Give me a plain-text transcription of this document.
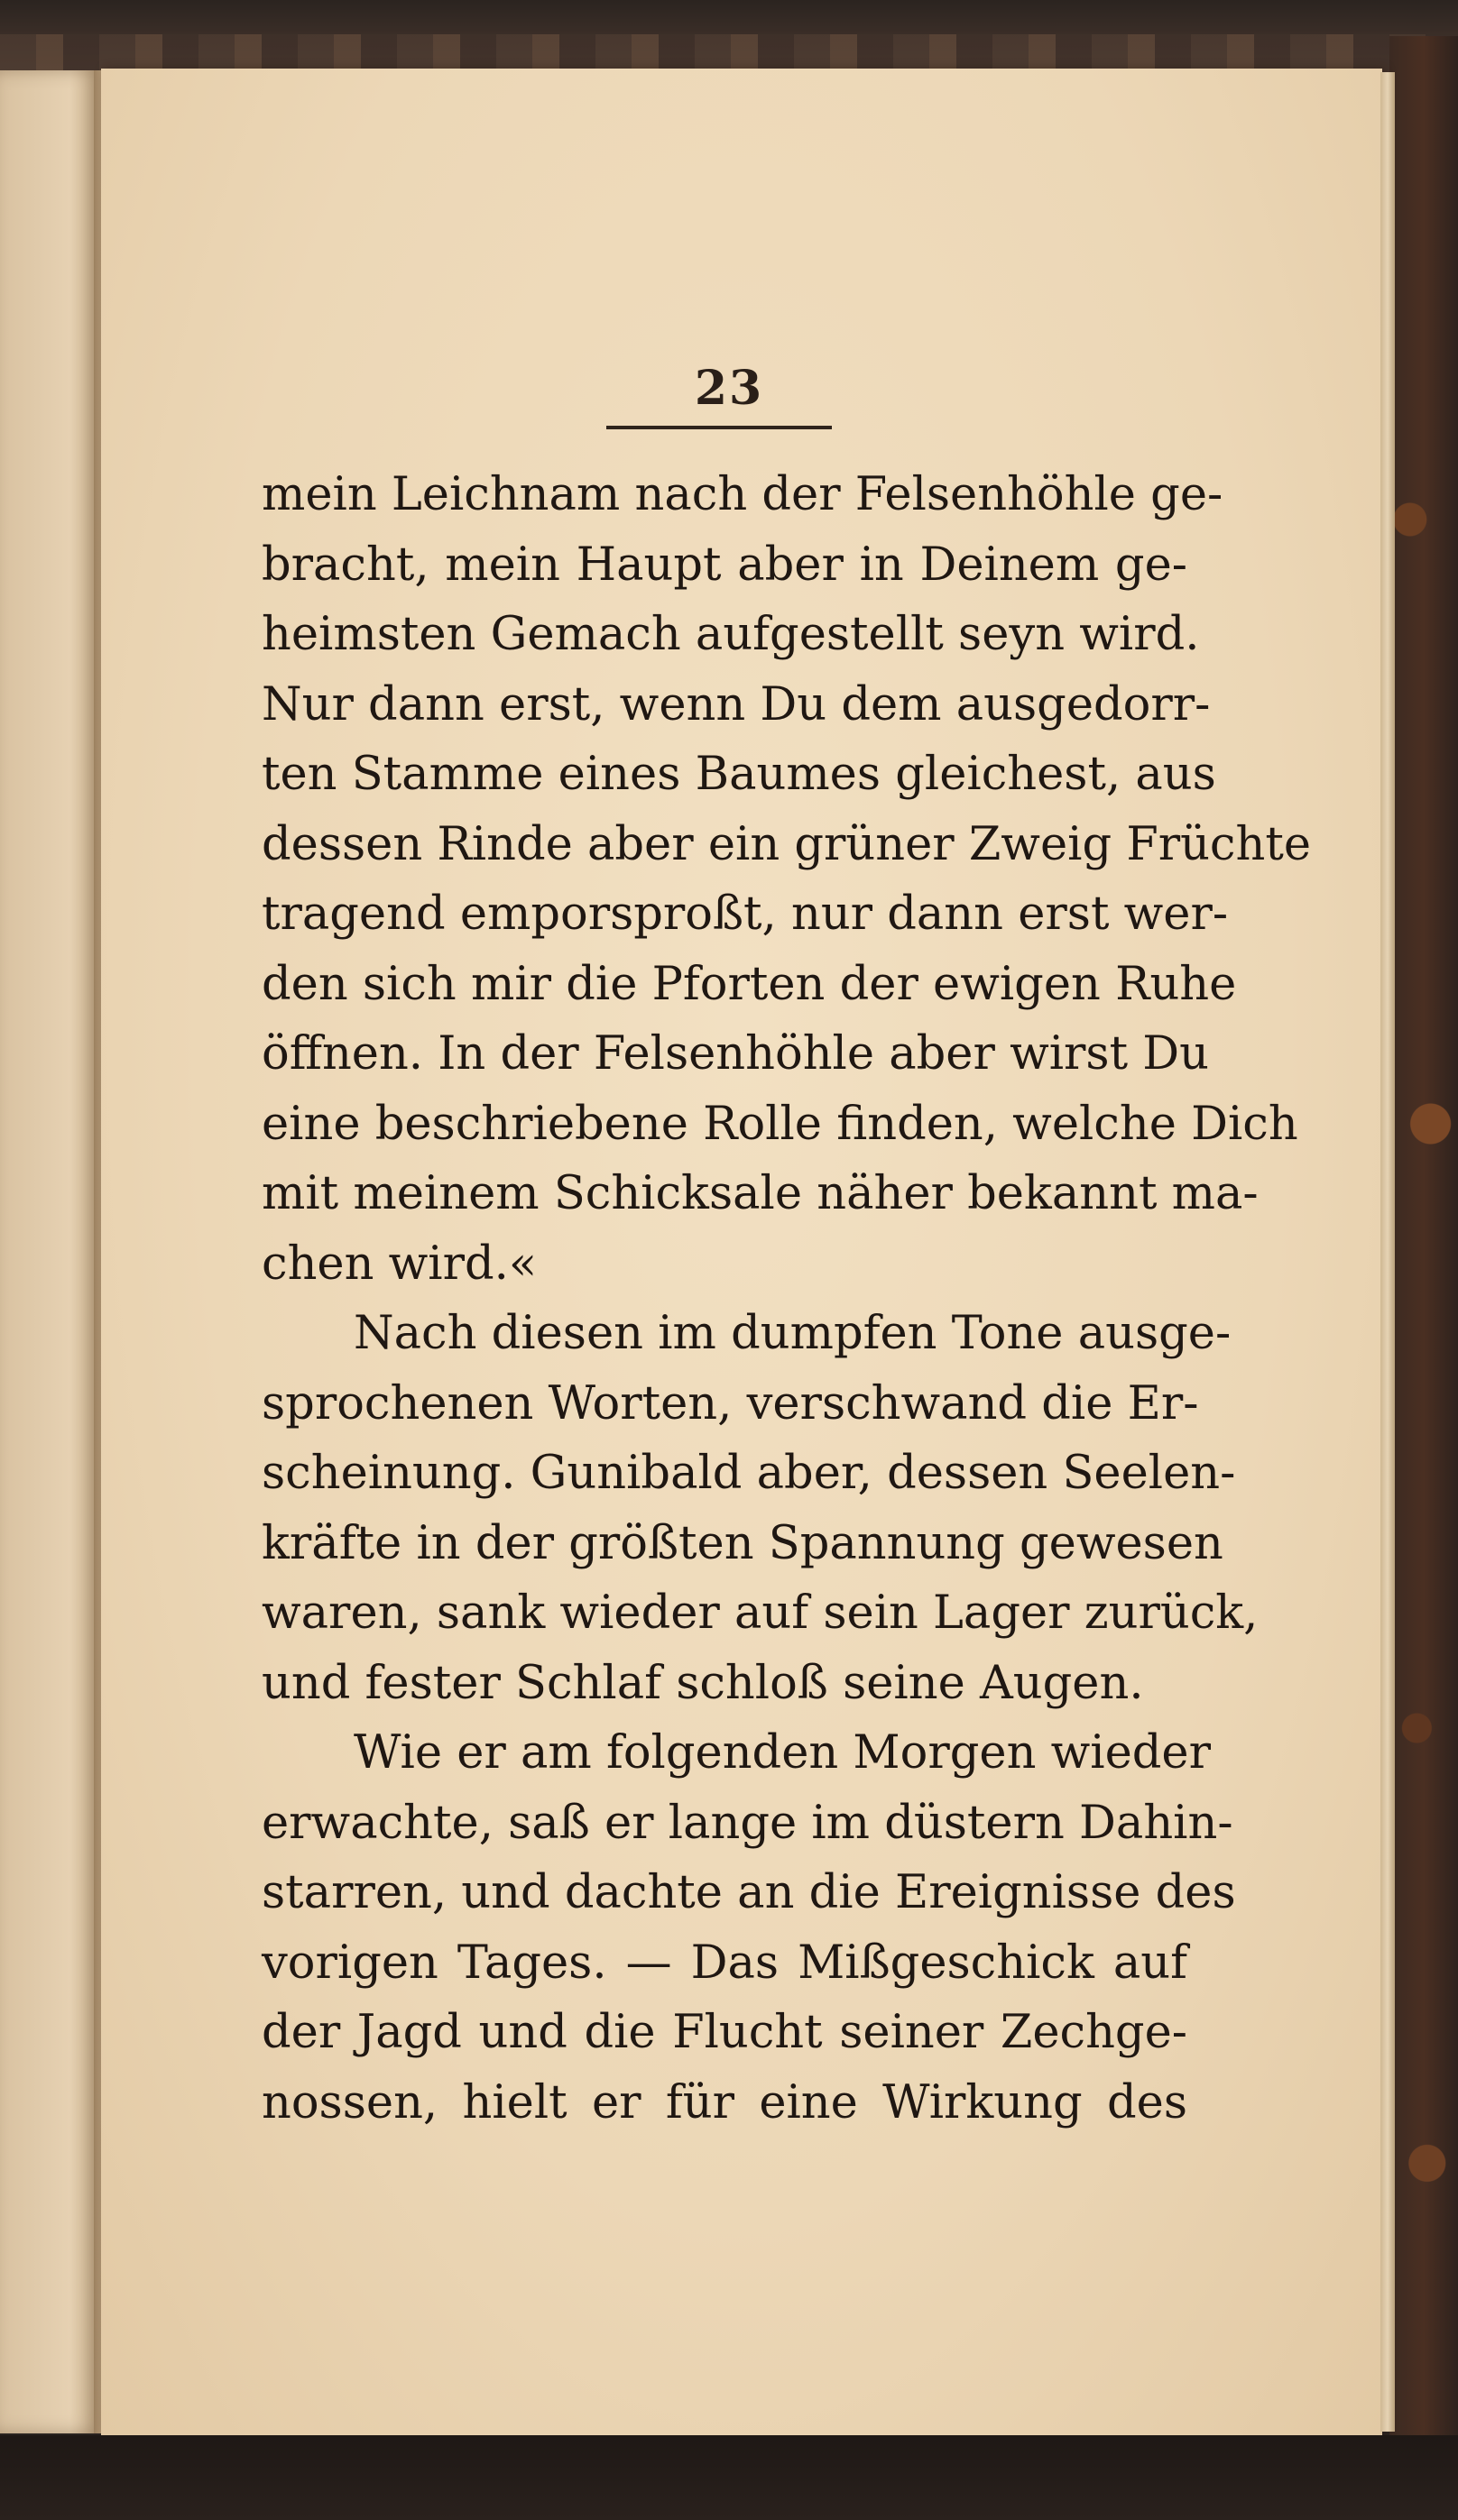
23
mein Leichnam nach der Felsenhöhle ge-
bracht, mein Haupt aber in Deinem ge-
heimsten Gemach aufgestellt seyn wird.
Nur dann erst, wenn Du dem ausgedorr-
ten Stamme eines Baumes gleichest, aus
dessen Rinde aber ein grüner Zweig Früchte
tragend emporsproßt, nur dann erst wer-
den sich mir die Pforten der ewigen Ruhe
öffnen. In der Felsenhöhle aber wirst Du
eine beschriebene Rolle finden, welche Dich
mit meinem Schicksale näher bekannt ma-
chen wird.«
Nach diesen im dumpfen Tone ausge-
sprochenen Worten, verschwand die Er-
scheinung. Gunibald aber, dessen Seelen-
kräfte in der größten Spannung gewesen
waren, sank wieder auf sein Lager zurück,
und fester Schlaf schloß seine Augen.
Wie er am folgenden Morgen wieder
erwachte, saß er lange im düstern Dahin-
starren, und dachte an die Ereignisse des
vorigen Tages. — Das Mißgeschick auf
der Jagd und die Flucht seiner Zechge-
nossen, hielt er für eine Wirkung des
